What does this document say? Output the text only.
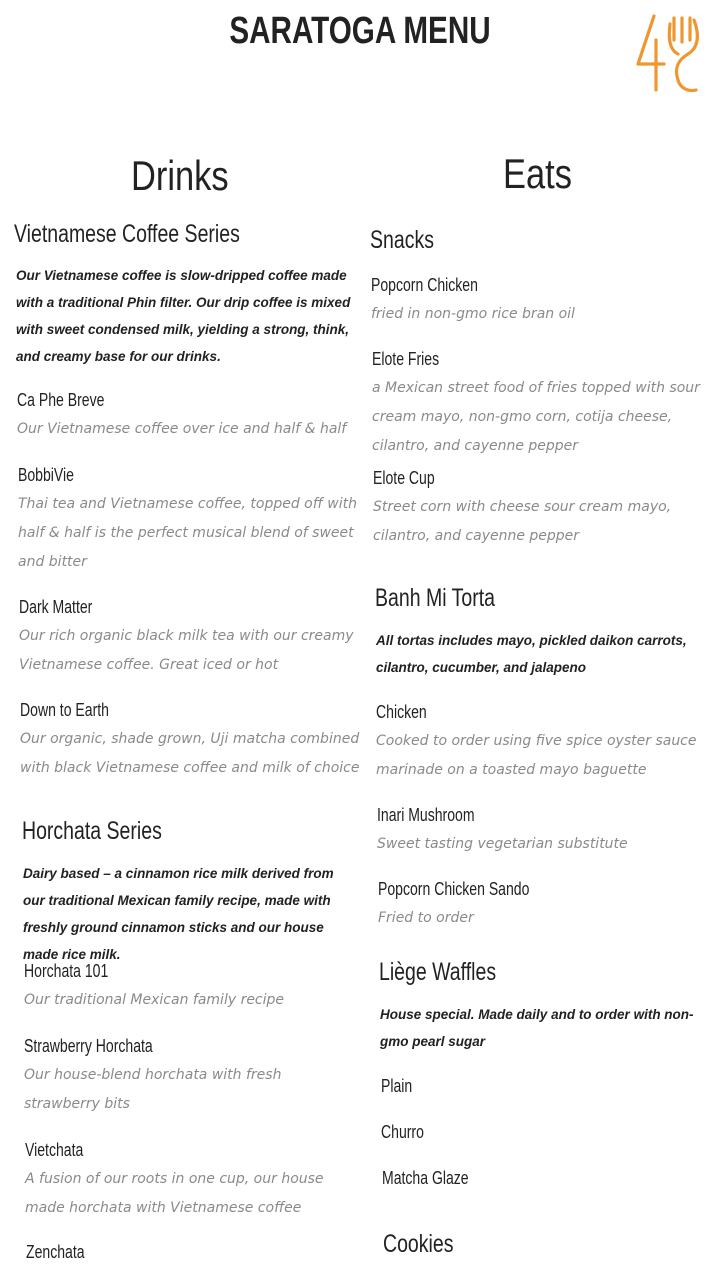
SARATOGA MENU
Drinks
Vietnamese Coffee Series
Our Vietnamese coffee is slow-dripped coffee made with a traditional Phin filter. Our drip coffee is mixed with sweet condensed milk, yielding a strong, think, and creamy base for our drinks.
Ca Phe Breve
Our Vietnamese coffee over ice and half & half
BobbiVie
Thai tea and Vietnamese coffee, topped off with half & half is the perfect musical blend of sweet and bitter
Dark Matter
Our rich organic black milk tea with our creamy Vietnamese coffee. Great iced or hot
Down to Earth
Our organic, shade grown, Uji matcha combined with black Vietnamese coffee and milk of choice
Horchata Series
Dairy based – a cinnamon rice milk derived from our traditional Mexican family recipe, made with freshly ground cinnamon sticks and our house made rice milk.
Horchata 101
Our traditional Mexican family recipe
Strawberry Horchata
Our house-blend horchata with fresh strawberry bits
Vietchata
A fusion of our roots in one cup, our house made horchata with Vietnamese coffee
Zenchata
Eats
Snacks
Popcorn Chicken
fried in non-gmo rice bran oil
Elote Fries
a Mexican street food of fries topped with sour cream mayo, non-gmo corn, cotija cheese, cilantro, and cayenne pepper
Elote Cup
Street corn with cheese sour cream mayo, cilantro, and cayenne pepper
Banh Mi Torta
All tortas includes mayo, pickled daikon carrots, cilantro, cucumber, and jalapeno
Chicken
Cooked to order using five spice oyster sauce marinade on a toasted mayo baguette
Inari Mushroom
Sweet tasting vegetarian substitute
Popcorn Chicken Sando
Fried to order
Liège Waffles
House special. Made daily and to order with non-gmo pearl sugar
Plain
Churro
Matcha Glaze
Cookies
